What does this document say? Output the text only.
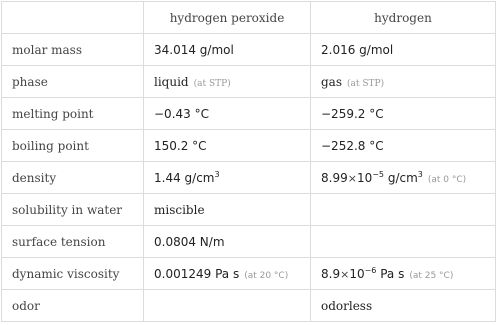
	hydrogen peroxide	hydrogen
molar mass	34.014 g/mol	2.016 g/mol
phase	liquid (at STP)	gas (at STP)
melting point	−0.43 °C	−259.2 °C
boiling point	150.2 °C	−252.8 °C
density	1.44 $g/cm^3$	$8.99\times 10^{-5}$ $g/cm^3(at$ 0 °C)
solubility in water	miscible	
surface tension	0.0804 N/m	
dynamic viscosity	0.001249 Pa s (at 20 °C)	$8.9\times 10^{-6}$ Pa s (at 25 °C)
odor		odorless
